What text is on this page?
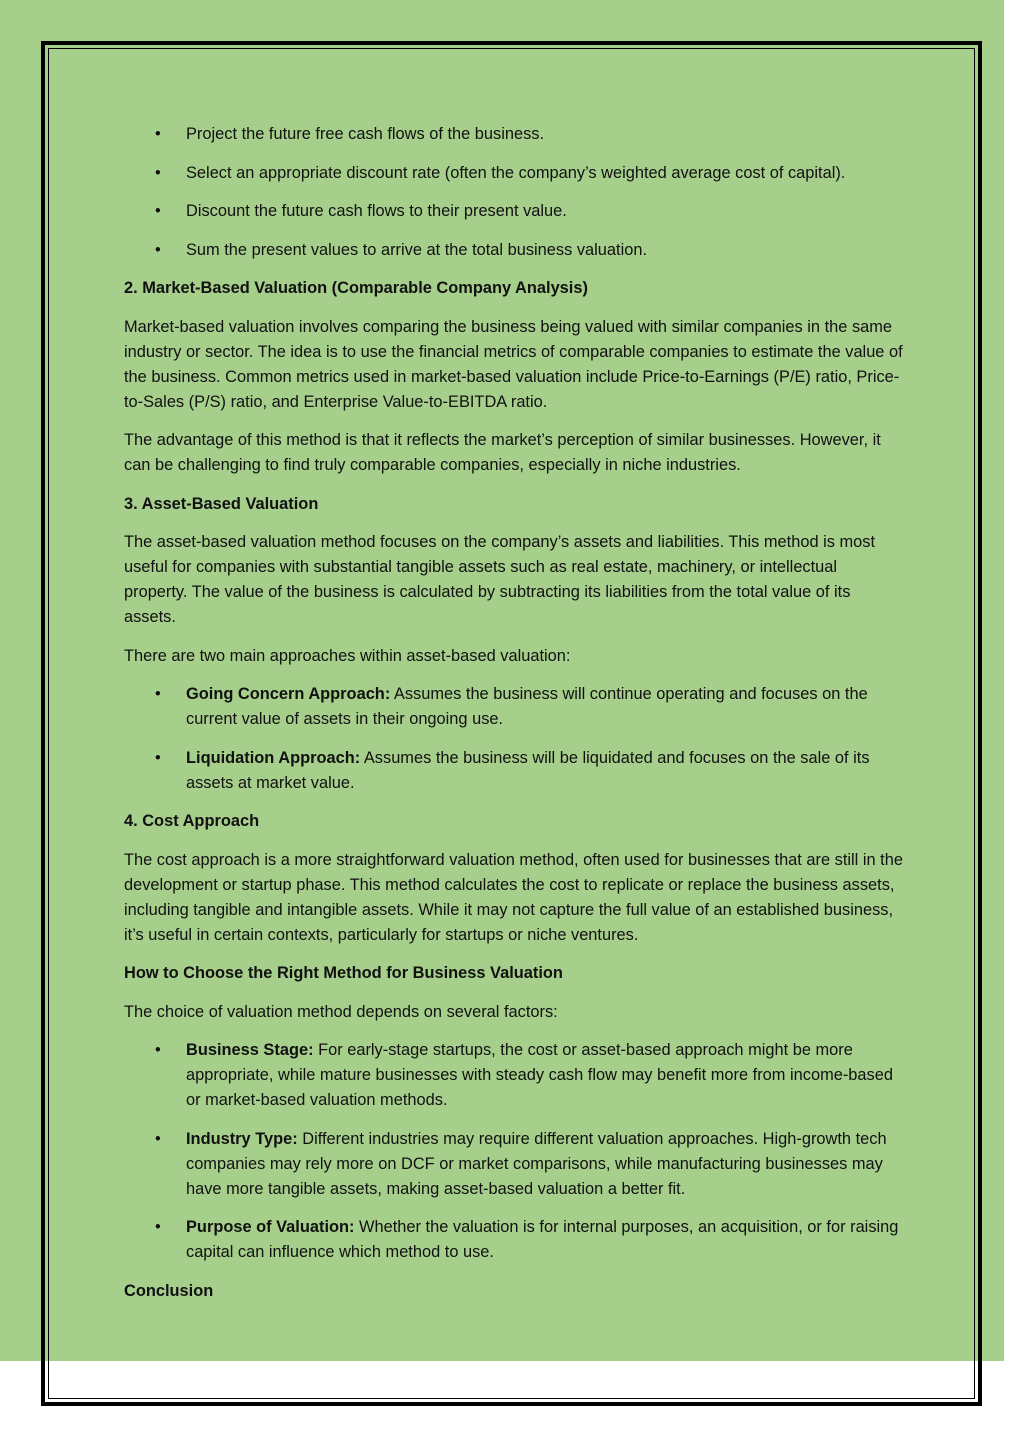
• Project the future free cash flows of the business.
• Select an appropriate discount rate (often the company’s weighted average cost of capital).
• Discount the future cash flows to their present value.
• Sum the present values to arrive at the total business valuation.

2. Market-Based Valuation (Comparable Company Analysis)

Market-based valuation involves comparing the business being valued with similar companies in the same industry or sector. The idea is to use the financial metrics of comparable companies to estimate the value of the business. Common metrics used in market-based valuation include Price-to-Earnings (P/E) ratio, Price-to-Sales (P/S) ratio, and Enterprise Value-to-EBITDA ratio.

The advantage of this method is that it reflects the market’s perception of similar businesses. However, it can be challenging to find truly comparable companies, especially in niche industries.

3. Asset-Based Valuation

The asset-based valuation method focuses on the company’s assets and liabilities. This method is most useful for companies with substantial tangible assets such as real estate, machinery, or intellectual property. The value of the business is calculated by subtracting its liabilities from the total value of its assets.

There are two main approaches within asset-based valuation:

• Going Concern Approach: Assumes the business will continue operating and focuses on the current value of assets in their ongoing use.
• Liquidation Approach: Assumes the business will be liquidated and focuses on the sale of its assets at market value.

4. Cost Approach

The cost approach is a more straightforward valuation method, often used for businesses that are still in the development or startup phase. This method calculates the cost to replicate or replace the business assets, including tangible and intangible assets. While it may not capture the full value of an established business, it’s useful in certain contexts, particularly for startups or niche ventures.

How to Choose the Right Method for Business Valuation

The choice of valuation method depends on several factors:

• Business Stage: For early-stage startups, the cost or asset-based approach might be more appropriate, while mature businesses with steady cash flow may benefit more from income-based or market-based valuation methods.
• Industry Type: Different industries may require different valuation approaches. High-growth tech companies may rely more on DCF or market comparisons, while manufacturing businesses may have more tangible assets, making asset-based valuation a better fit.
• Purpose of Valuation: Whether the valuation is for internal purposes, an acquisition, or for raising capital can influence which method to use.

Conclusion
